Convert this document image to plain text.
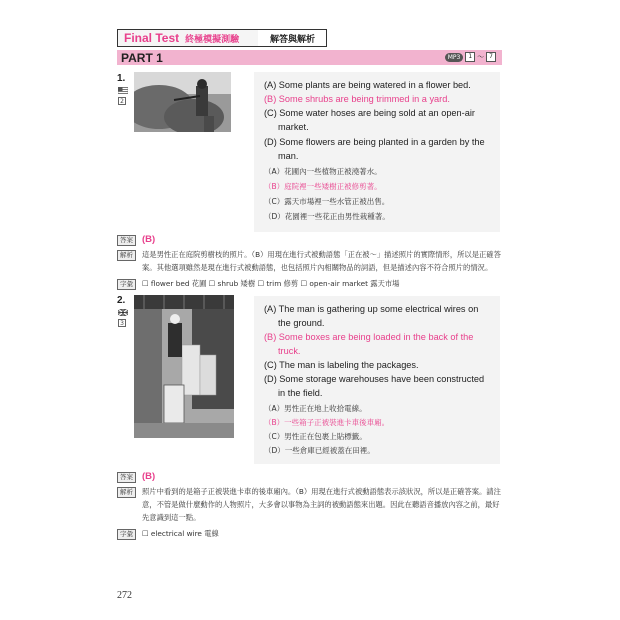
Final Test 終極模擬測驗	解答與解析
PART 1	MP3	1 ～ 7
1.
2
(A) Some plants are being watered in a flower bed.
(B) Some shrubs are being trimmed in a yard.
(C) Some water hoses are being sold at an open-air
market.
(D) Some flowers are being planted in a garden by the
man.
（A）花圃內一些植物正被澆著水。
（B）庭院裡一些矮樹正被修剪著。
（C）露天市場裡一些水管正被出售。
（D）花園裡一些花正由男性栽種著。
答案 (B)
解析	這是男性正在庭院剪樹枝的照片。（B）用現在進行式被動語態「正在被～」描述照片的實際情形，所以是正確答
案。其他選項雖然是現在進行式被動語態，也包括照片內相關物品的詞語，但是描述內容不符合照片的情況。
字彙	☐ flower bed 花圃 ☐ shrub 矮樹 ☐ trim 修剪 ☐ open-air market 露天市場
2.
3
(A) The man is gathering up some electrical wires on
the ground.
(B) Some boxes are being loaded in the back of the
truck.
(C) The man is labeling the packages.
(D) Some storage warehouses have been constructed
in the field.
（A）男性正在地上收拾電線。
（B）一些箱子正被裝進卡車後車廂。
（C）男性正在包裹上貼標籤。
（D）一些倉庫已經被蓋在田裡。
答案 (B)
解析	照片中看到的是箱子正被裝進卡車的後車廂內。（B）用現在進行式被動語態表示該狀況，所以是正確答案。請注
意，不管是做什麼動作的人物照片，大多會以事物為主詞的被動語態來出題。因此在聽語音播放內容之前，最好
先意識到這一點。
字彙	☐ electrical wire 電線
272
